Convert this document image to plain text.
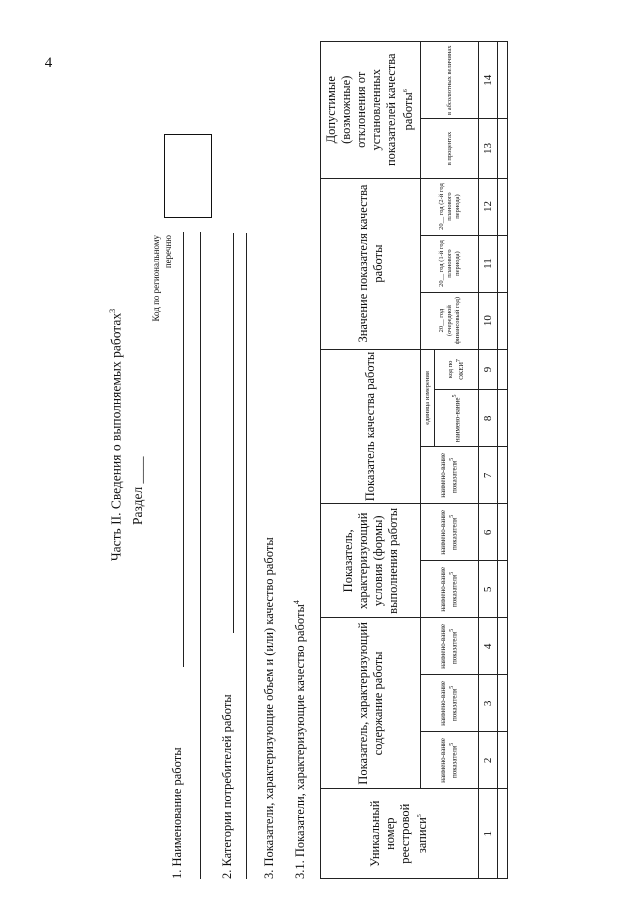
4
Часть II. Сведения о выполняемых работах$^3$
Раздел ____
1. Наименование работы	2. Категории потребителей работы
Код по региональному перечню
3. Показатели, характеризующие объем и (или) качество работы 3.1. Показатели, характеризующие качество работы$^4$
Уникальный номер реестровой записи$^5$	Показатель, характеризующий содержание работы			Показатель, характеризующий условия (формы) выполнения работы		Показатель качества работы			Значение показателя качества работы			Допустимые (возможные) отклонения от установленных показателей качества работы$^6$
	наимено-вание показателя$^5$	наимено-вание показателя$^5$	наимено-вание показателя$^5$	наимено-вание показателя$^5$	наимено-вание показателя$^5$	наимено-вание показателя$^5$	единица измерения		20__ год (очередной финансовый год)	20__ год (1-й год планового периода)	20__ год (2-й год планового периода)	в процентах	в абсолютных величинах
							наимено-вание$^5$	код по ОКЕИ$^7$
1	2	3	4	5	6	7	8	9	10	11	12	13	14
